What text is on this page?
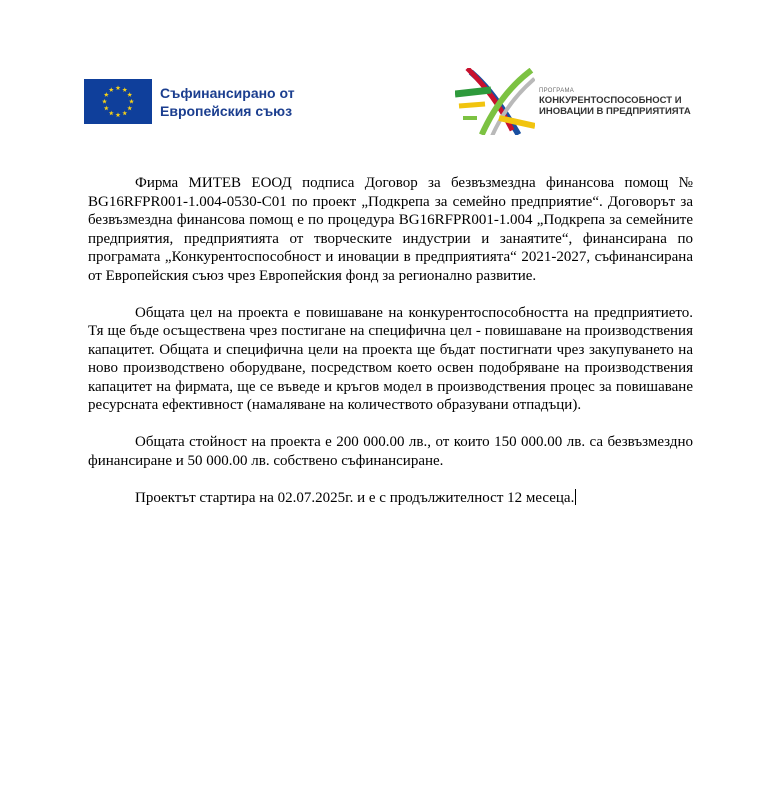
Съфинансирано от
Европейския съюз
ПРОГРАМА
КОНКУРЕНТОСПОСОБНОСТ И
ИНОВАЦИИ В ПРЕДПРИЯТИЯТА

Фирма МИТЕВ ЕООД подписа Договор за безвъзмездна финансова помощ № BG16RFPR001-1.004-0530-C01 по проект „Подкрепа за семейно предприятие“. Договорът за безвъзмездна финансова помощ е по процедура BG16RFPR001-1.004 „Подкрепа за семейните предприятия, предприятията от творческите индустрии и занаятите“, финансирана по програмата „Конкурентоспособност и иновации в предприятията“ 2021-2027, съфинансирана от Европейския съюз чрез Европейския фонд за регионално развитие.

Общата цел на проекта е повишаване на конкурентоспособността на предприятието. Тя ще бъде осъществена чрез постигане на специфична цел - повишаване на производствения капацитет. Общата и специфична цели на проекта ще бъдат постигнати чрез закупуването на ново производствено оборудване, посредством което освен подобряване на производствения капацитет на фирмата, ще се въведе и кръгов модел в производствения процес за повишаване ресурсната ефективност (намаляване на количеството образувани отпадъци).

Общата стойност на проекта е 200 000.00 лв., от които 150 000.00 лв. са безвъзмездно финансиране и 50 000.00 лв. собствено съфинансиране.

Проектът стартира на 02.07.2025г. и е с продължителност 12 месеца.
